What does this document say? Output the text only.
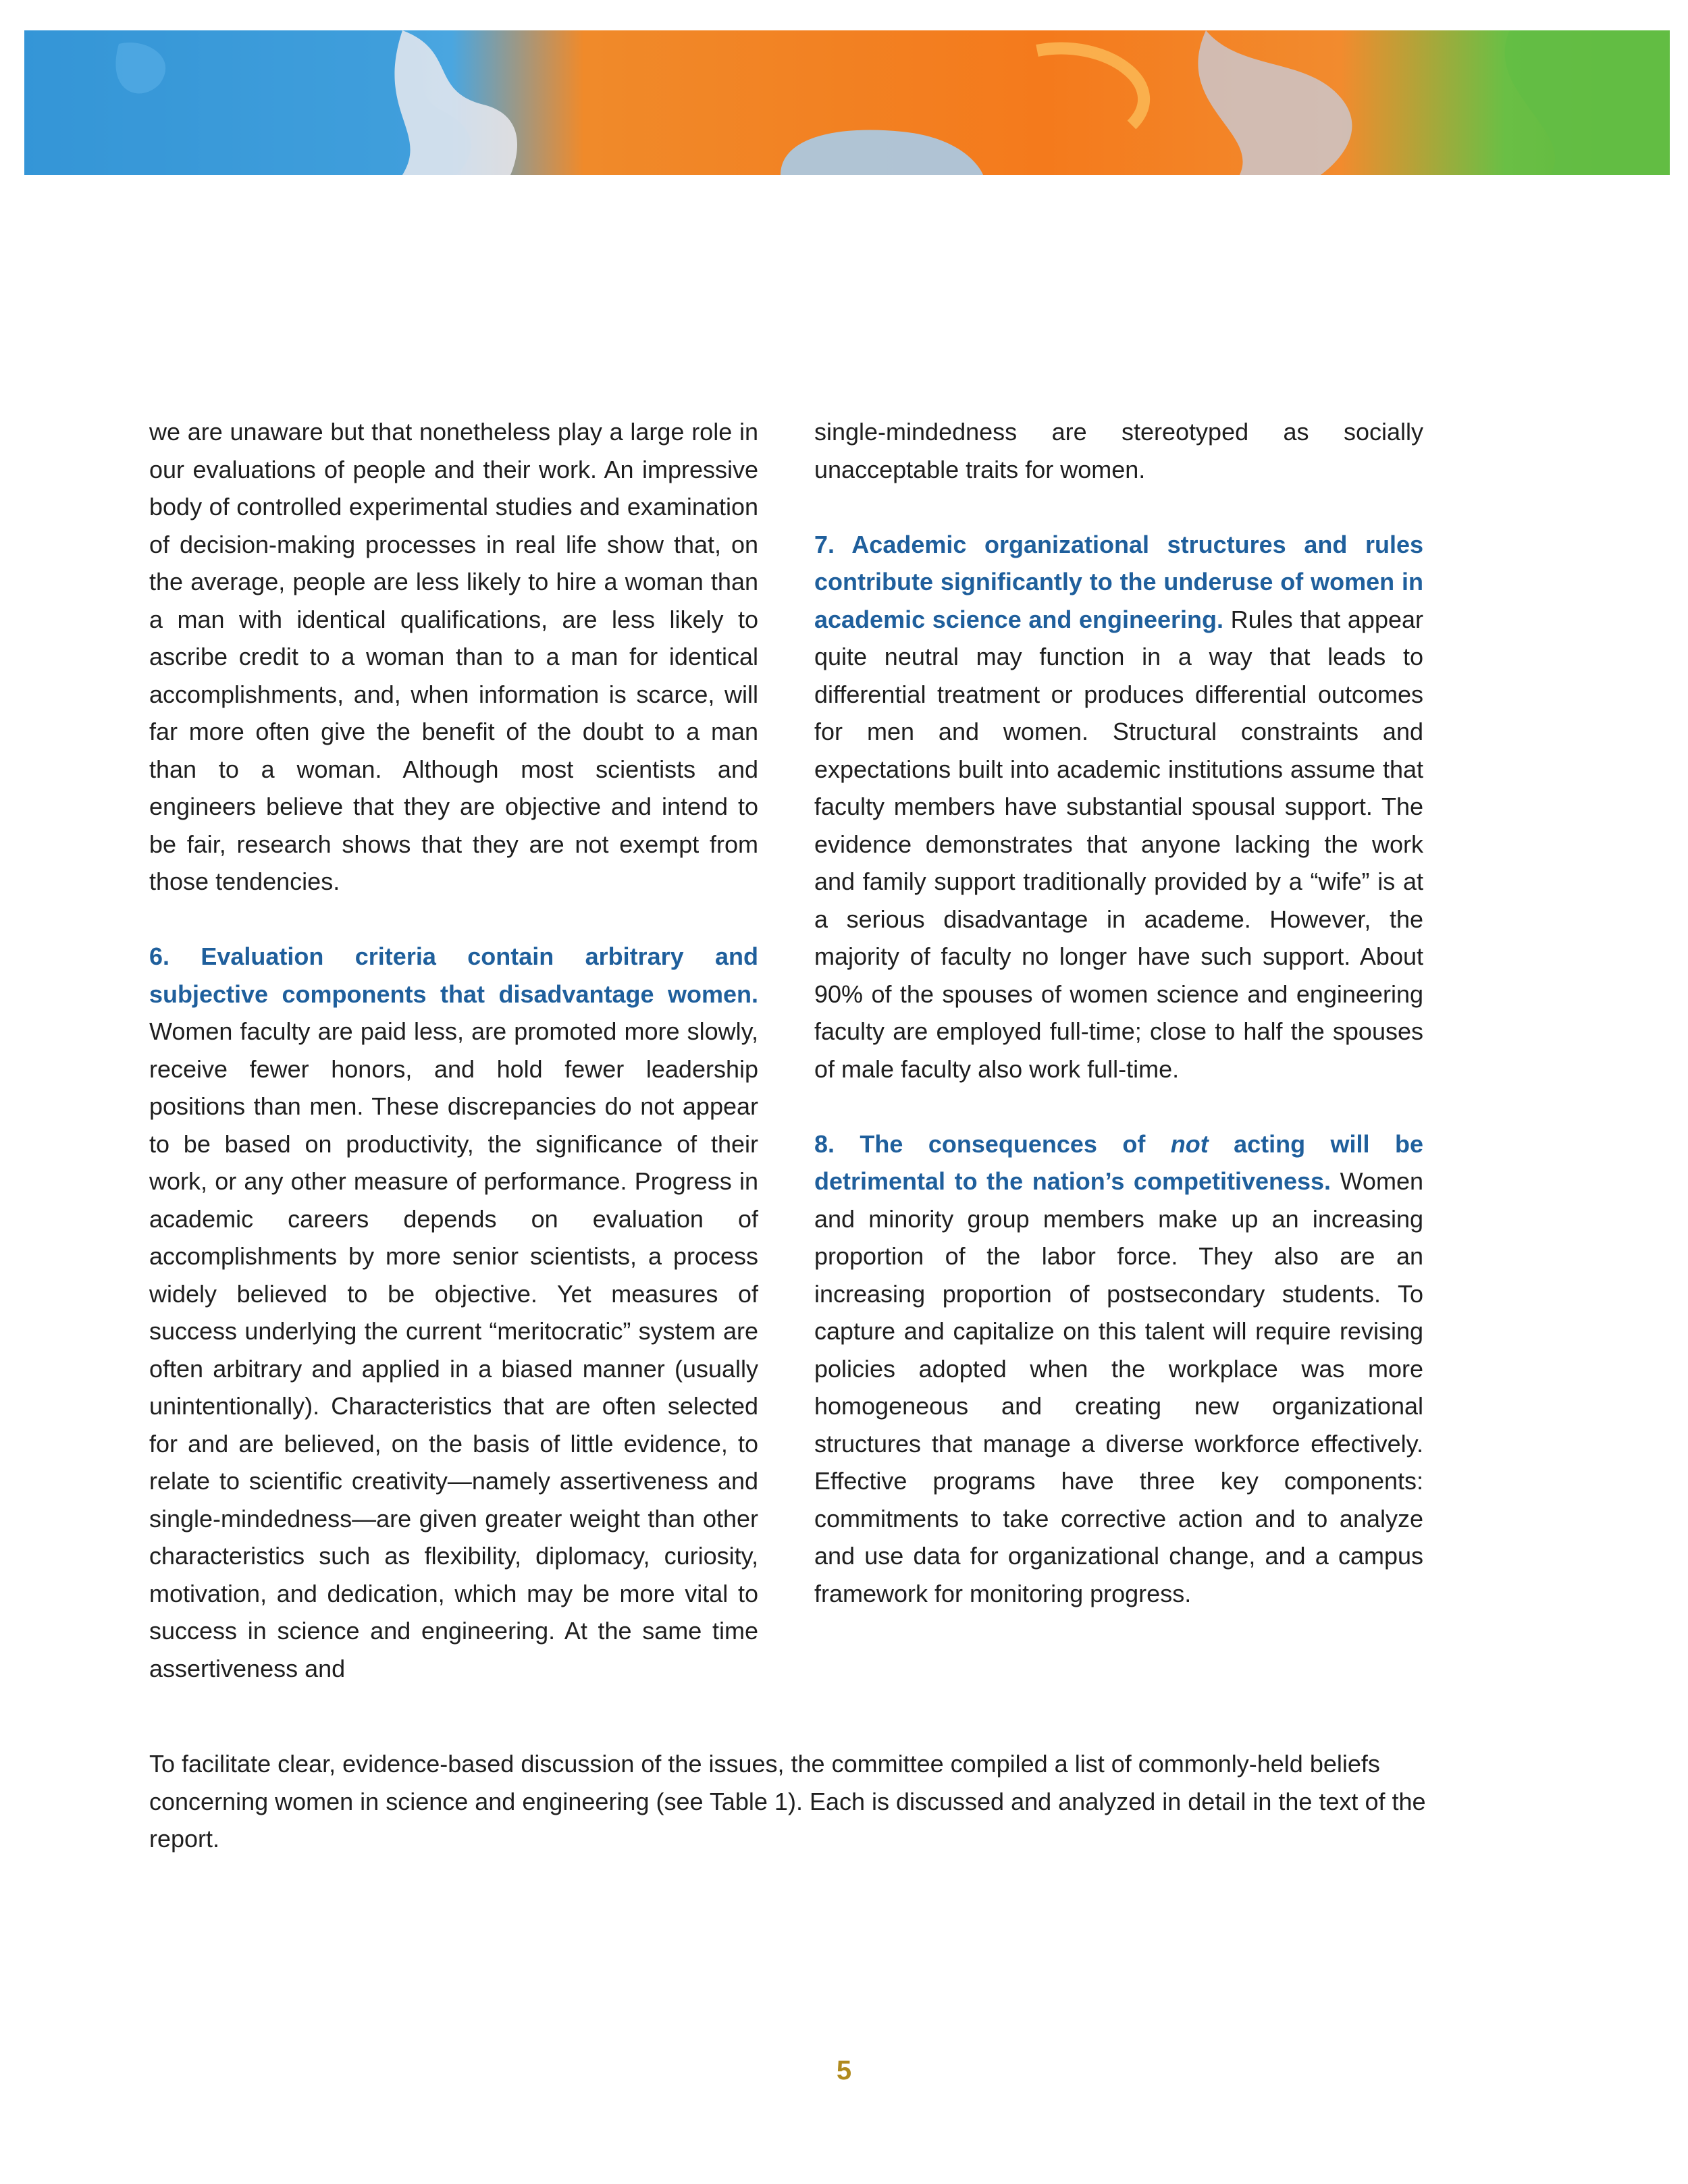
we are unaware but that nonetheless play a large role in our evaluations of people and their work. An impressive body of controlled experimental studies and examination of decision-making processes in real life show that, on the average, people are less likely to hire a woman than a man with identical qualifications, are less likely to ascribe credit to a woman than to a man for identical accomplishments, and, when information is scarce, will far more often give the benefit of the doubt to a man than to a woman. Although most scientists and engineers believe that they are objective and intend to be fair, research shows that they are not exempt from those tendencies.

6. Evaluation criteria contain arbitrary and subjective components that disadvantage women. Women faculty are paid less, are promoted more slowly, receive fewer honors, and hold fewer leadership positions than men. These discrepancies do not appear to be based on productivity, the significance of their work, or any other measure of performance. Progress in academic careers depends on evaluation of accomplishments by more senior scientists, a process widely believed to be objective. Yet measures of success underlying the current “meritocratic” system are often arbitrary and applied in a biased manner (usually unintentionally). Characteristics that are often selected for and are believed, on the basis of little evidence, to relate to scientific creativity—namely assertiveness and single-mindedness—are given greater weight than other characteristics such as flexibility, diplomacy, curiosity, motivation, and dedication, which may be more vital to success in science and engineering. At the same time assertiveness and

single-mindedness are stereotyped as socially unacceptable traits for women.

7. Academic organizational structures and rules contribute significantly to the underuse of women in academic science and engineering. Rules that appear quite neutral may function in a way that leads to differential treatment or produces differential outcomes for men and women. Structural constraints and expectations built into academic institutions assume that faculty members have substantial spousal support. The evidence demonstrates that anyone lacking the work and family support traditionally provided by a “wife” is at a serious disadvantage in academe. However, the majority of faculty no longer have such support. About 90% of the spouses of women science and engineering faculty are employed full-time; close to half the spouses of male faculty also work full-time.

8. The consequences of not acting will be detrimental to the nation’s competitiveness. Women and minority group members make up an increasing proportion of the labor force. They also are an increasing proportion of postsecondary students. To capture and capitalize on this talent will require revising policies adopted when the workplace was more homogeneous and creating new organizational structures that manage a diverse workforce effectively. Effective programs have three key components: commitments to take corrective action and to analyze and use data for organizational change, and a campus framework for monitoring progress.

To facilitate clear, evidence-based discussion of the issues, the committee compiled a list of commonly-held beliefs concerning women in science and engineering (see Table 1). Each is discussed and analyzed in detail in the text of the report.

5
